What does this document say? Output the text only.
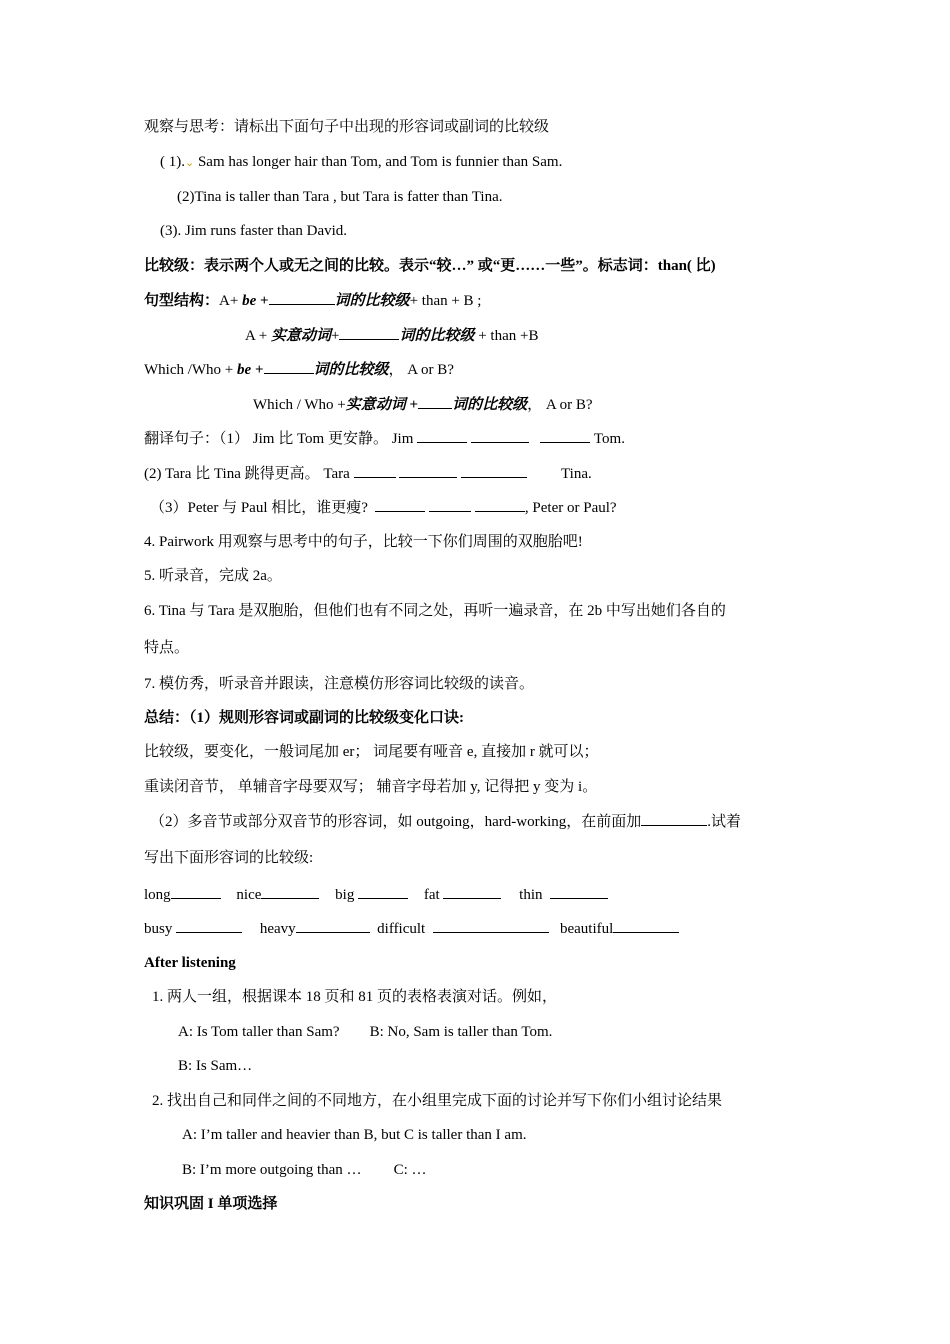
观察与思考：请标出下面句子中出现的形容词或副词的比较级
( 1).⌄ Sam has longer hair than Tom, and Tom is funnier than Sam.
(2)Tina is taller than Tara , but Tara is fatter than Tina.
(3). Jim runs faster than David.
比较级：表示两个人或无之间的比较。表示“较…” 或“更……一些”。标志词：than( 比)
句型结构：A+ be +	词的比较级+ than + B ;
A + 实意动词+	词的比较级 + than +B
Which /Who + be +	词的比较级， A or B?
Which / Who +实意动词 + 词的比较级， A or B?
翻译句子：（1） Jim 比 Tom 更安静。 Jim	Tom.
(2) Tara 比 Tina 跳得更高。 Tara	Tina.
（3）Peter 与 Paul 相比，谁更瘦?	, Peter or Paul?
4. Pairwork 用观察与思考中的句子，比较一下你们周围的双胞胎吧!
5. 听录音，完成 2a。
6. Tina 与 Tara 是双胞胎，但他们也有不同之处，再听一遍录音，在 2b 中写出她们各自的
特点。
7. 模仿秀，听录音并跟读，注意模仿形容词比较级的读音。
总结：（1）规则形容词或副词的比较级变化口诀:
比较级，要变化，一般词尾加 er； 词尾要有哑音 e, 直接加 r 就可以；
重读闭音节， 单辅音字母要双写； 辅音字母若加 y, 记得把 y 变为 i。
（2）多音节或部分双音节的形容词，如 outgoing，hard-working，在前面加	.试着
写出下面形容词的比较级:
long	nice	big	fat	thin
busy	heavy	difficult	beautiful
After listening
1. 两人一组，根据课本 18 页和 81 页的表格表演对话。例如，
A: Is Tom taller than Sam? B: No, Sam is taller than Tom.
B: Is Sam…
2. 找出自己和同伴之间的不同地方，在小组里完成下面的讨论并写下你们小组讨论结果
A: I’m taller and heavier than B, but C is taller than I am.
B: I’m more outgoing than … C: …
知识巩固 I 单项选择
